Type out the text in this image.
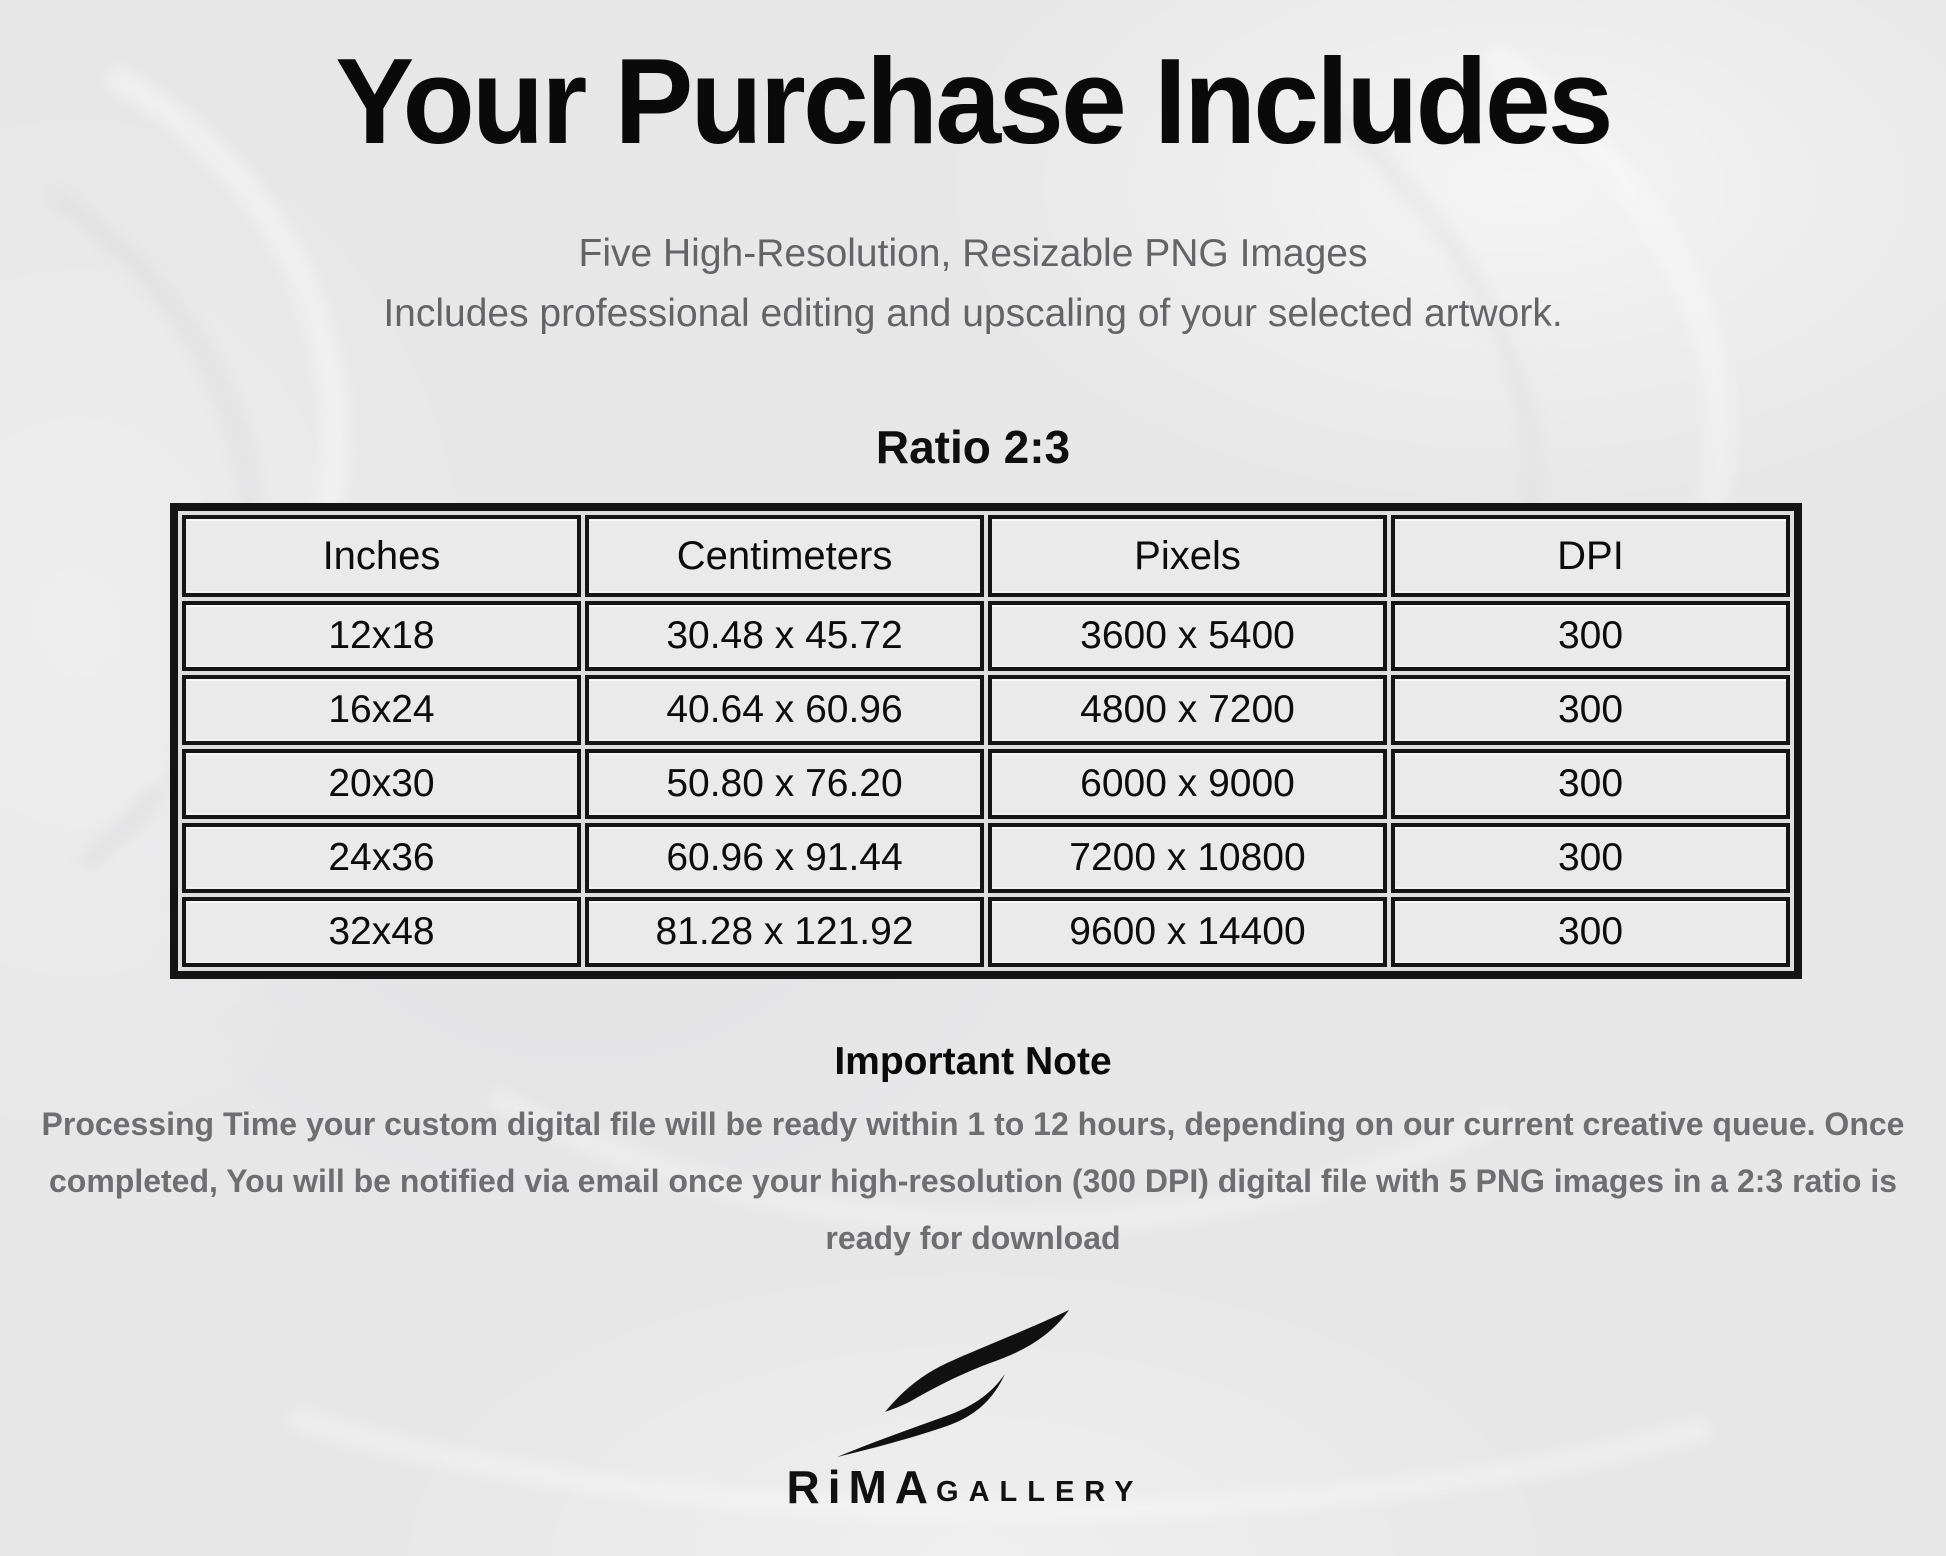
Your Purchase Includes

Five High-Resolution, Resizable PNG Images

Includes professional editing and upscaling of your selected artwork.

Ratio 2:3
Inches	Centimeters	Pixels	DPI
12x18	30.48 x 45.72	3600 x 5400	300
16x24	40.64 x 60.96	4800 x 7200	300
20x30	50.80 x 76.20	6000 x 9000	300
24x36	60.96 x 91.44	7200 x 10800	300
32x48	81.28 x 121.92	9600 x 14400	300
Important Note

Processing Time your custom digital file will be ready within 1 to 12 hours, depending on our current creative queue. Once completed, You will be notified via email once your high-resolution (300 DPI) digital file with 5 PNG images in a 2:3 ratio is ready for download

RiMA GALLERY
